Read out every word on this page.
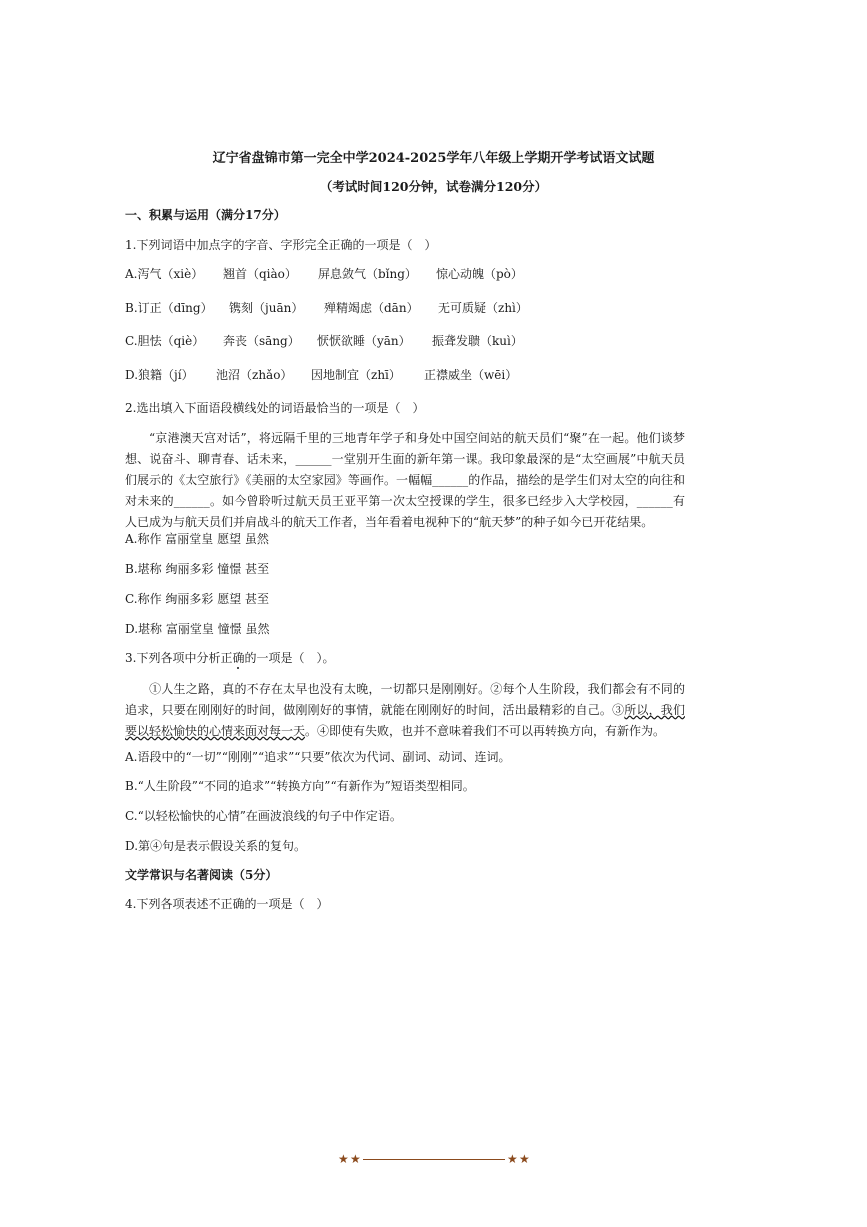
辽宁省盘锦市第一完全中学2024-2025学年八年级上学期开学考试语文试题
（考试时间120分钟，试卷满分120分）
一、积累与运用（满分17分）
1.下列词语中加点字的字音、字形完全正确的一项是（　）
A.泻气（xiè） 翘首（qiào） 屏息敛气（bǐng） 惊心动魄（pò）
B.订正（dīng） 镌刻（juān） 殚精竭虑（dān） 无可质疑（zhì）
C.胆怯（qiè） 奔丧（sāng） 恹恹欲睡（yān） 振聋发聩（kuì）
D.狼籍（jí） 池沼（zhǎo） 因地制宜（zhī） 正襟威坐（wēi）
2.选出填入下面语段横线处的词语最恰当的一项是（　）
“京港澳天宫对话”，将远隔千里的三地青年学子和身处中国空间站的航天员们“聚”在一起。他们谈梦想、说奋斗、聊青春、话未来，______一堂别开生面的新年第一课。我印象最深的是“太空画展”中航天员们展示的《太空旅行》《美丽的太空家园》等画作。一幅幅______的作品，描绘的是学生们对太空的向往和对未来的______。如今曾聆听过航天员王亚平第一次太空授课的学生，很多已经步入大学校园，______有人已成为与航天员们并肩战斗的航天工作者，当年看着电视种下的“航天梦”的种子如今已开花结果。
A.称作 富丽堂皇 愿望 虽然
B.堪称 绚丽多彩 憧憬 甚至
C.称作 绚丽多彩 愿望 甚至
D.堪称 富丽堂皇 憧憬 虽然
3.下列各项中分析正确的一项是（　）。
①人生之路，真的不存在太早也没有太晚，一切都只是刚刚好。②每个人生阶段，我们都会有不同的追求，只要在刚刚好的时间，做刚刚好的事情，就能在刚刚好的时间，活出最精彩的自己。③所以，我们要以轻松愉快的心情来面对每一天。④即使有失败，也并不意味着我们不可以再转换方向，有新作为。
A.语段中的“一切”“刚刚”“追求”“只要”依次为代词、副词、动词、连词。
B.“人生阶段”“不同的追求”“转换方向”“有新作为”短语类型相同。
C.“以轻松愉快的心情”在画波浪线的句子中作定语。
D.第④句是表示假设关系的复句。
文学常识与名著阅读（5分）
4.下列各项表述不正确的一项是（　）
★ ★	★ ★
